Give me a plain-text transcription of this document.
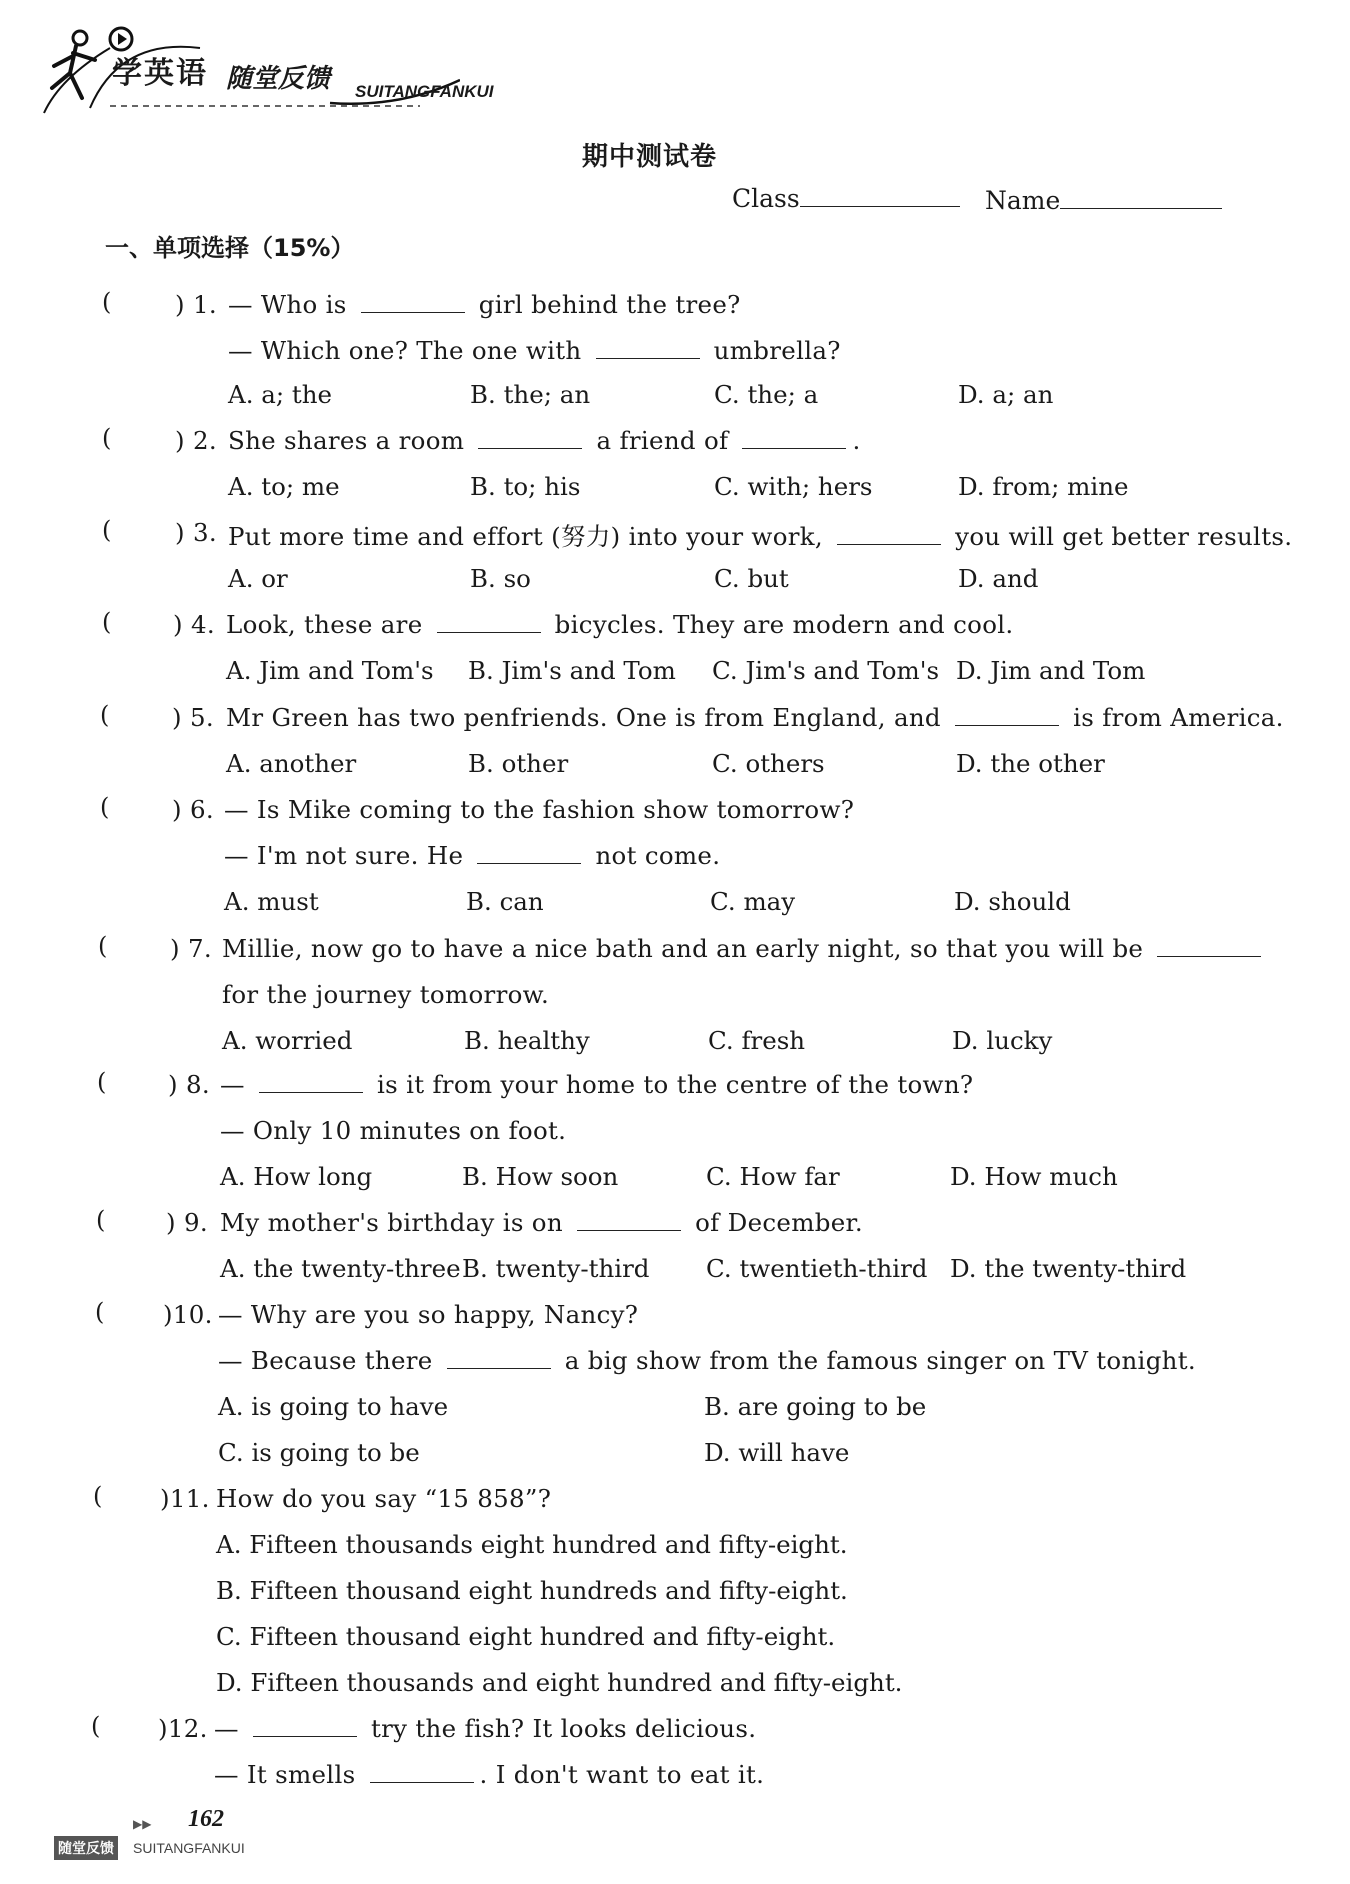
学英语 随堂反馈 SUITANGFANKUI
期中测试卷
Class	Name
一、单项选择（15%）
(	) 1. — Who is	girl behind the tree?
— Which one? The one with	umbrella?
A. a; the	B. the; an	C. the; a	D. a; an
(	) 2. She shares a room	a friend of	.
A. to; me	B. to; his	C. with; hers	D. from; mine
(	) 3. Put more time and effort (努力) into your work,	you will get better results.
A. or	B. so	C. but	D. and
(	) 4. Look, these are	bicycles. They are modern and cool.
A. Jim and Tom's B. Jim's and Tom C. Jim's and Tom's D. Jim and Tom
(	) 5. Mr Green has two penfriends. One is from England, and	is from America.
A. another	B. other	C. others	D. the other
(	) 6. — Is Mike coming to the fashion show tomorrow?
— I'm not sure. He	not come.
A. must	B. can	C. may	D. should
(	) 7. Millie, now go to have a nice bath and an early night, so that you will be
for the journey tomorrow.
A. worried	B. healthy	C. fresh	D. lucky
(	) 8. —	is it from your home to the centre of the town?
— Only 10 minutes on foot.
A. How long	B. How soon	C. How far	D. How much
( ) 9. My mother's birthday is on	of December.
A. the twenty-three B. twenty-third C. twentieth-third D. the twenty-third
( )10. — Why are you so happy, Nancy?
— Because there	a big show from the famous singer on TV tonight.
A. is going to have	B. are going to be
C. is going to be	D. will have
( )11. How do you say “15 858”?
A. Fifteen thousands eight hundred and fifty-eight.
B. Fifteen thousand eight hundreds and fifty-eight.
C. Fifteen thousand eight hundred and fifty-eight.
D. Fifteen thousands and eight hundred and fifty-eight.
( )12. —	try the fish? It looks delicious.
— It smells	. I don't want to eat it.
▶▶ 162
随堂反馈 SUITANGFANKUI
